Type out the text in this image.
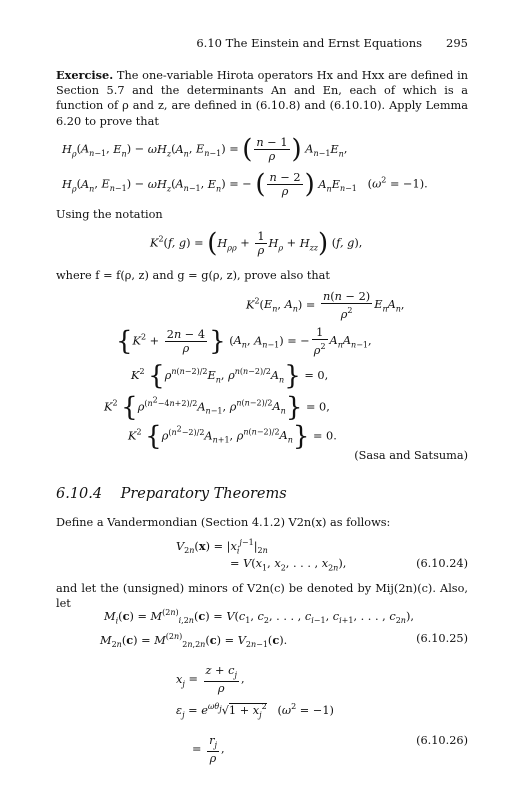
6.10 The Einstein and Ernst Equations 295
Exercise. The one-variable Hirota operators Hx and Hxx are defined in Section 5.7 and the determinants An and En, each of which is a function of ρ and z, are defined in (6.10.8) and (6.10.10). Apply Lemma 6.20 to prove that
$H_\rho(A_{n-1}$, $E_n) - \omega H_z(A_n$, $E_{n-1}$) = ( $\frac{n - 1}{\rho}$ ) $A_{n-1}E_n$,
$H_\rho(A_n$, $E_{n-1}) - \omega H_z(A_{n-1}$, $E_n$) = − ( $\frac{n - 2}{\rho}$ ) $A_nE_{n-1}$   $(\omega^2 = -1)$.
Using the notation
$K^2(f$, $g) = (H_{\rho\rho} + \frac{1}{\rho} H_\rho + H_{zz})$ (f, g),
where f = f(ρ, z) and g = g(ρ, z), prove also that
$K^2(E_n$, $A_n) = \frac{n(n - 2)}{\rho^2} E_nA_n$,
{$K^2 + \frac{2n - 4}{\rho}$ } ($A_n$, $A_{n-1}$) = − $\frac{1}{\rho^2} A_nA_{n-1}$,
$K^2$ {$\rho^{n(n-2)/2}E_n$, $\rho^{n(n-2)/2}A_n\} = 0$,
$K^2$ {$\rho^{(n^2-4n+2)/2}A_{n-1}$, $\rho^{n(n-2)/2}A_n\} = 0$,
$K^2$ {$\rho^{(n^2-2)/2}A_{n+1}$, $\rho^{n(n-2)/2}A_n\} = 0$.
(Sasa and Satsuma)
6.10.4 Preparatory Theorems
Define a Vandermondian (Section 4.1.2) V2n(x) as follows:
$V_{2n}(x) = |x_i^{j-1}|_{2n}$
= $V(x_1$, $x_2$, . . . , $x_{2n}$),	(6.10.24)
and let the (unsigned) minors of V2n(c) be denoted by Mij(2n)(c). Also, let
$M_i(c) = M^{(2n)}_{i,2n}(c) = V(c_1$, $c_2$, . . . , $c_{i-1}$, $c_{i+1}$, . . . , $c_{2n}$),
$M_{2n}(c) = M^{(2n)}_{2n,2n}(c) = V_{2n-1}(c)$.	(6.10.25)
$x_j = \frac{z + c_j}{\rho}$ ,
$\varepsilon_j = e^{\omega\theta_j}√1 + x_j^2$   $(\omega^2 = -1)$
= $\frac{r_j}{\rho}$ ,
(6.10.26)
